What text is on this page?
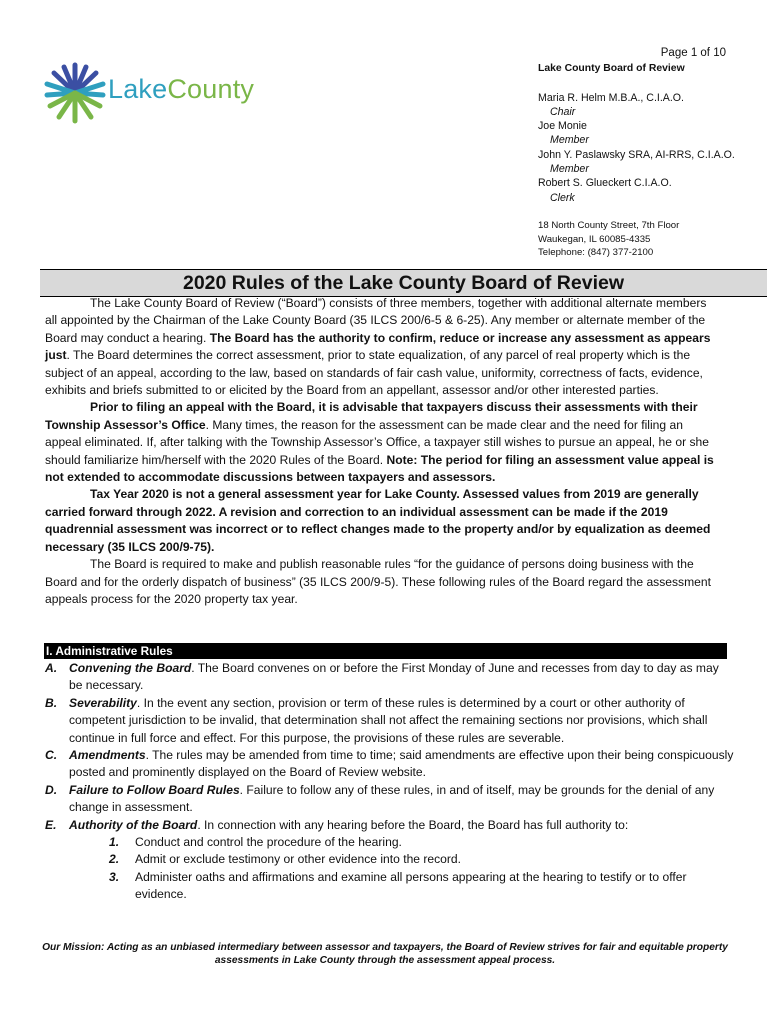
LakeCounty
Page 1 of 10
Lake County Board of Review
Maria R. Helm M.B.A., C.I.A.O.
Chair
Joe Monie
Member
John Y. Paslawsky SRA, AI-RRS, C.I.A.O.
Member
Robert S. Glueckert C.I.A.O.
Clerk
18 North County Street, 7th Floor
Waukegan, IL 60085-4335
Telephone: (847) 377-2100
2020 Rules of the Lake County Board of Review

The Lake County Board of Review (“Board”) consists of three members, together with additional alternate members all appointed by the Chairman of the Lake County Board (35 ILCS 200/6-5 & 6-25). Any member or alternate member of the Board may conduct a hearing. The Board has the authority to confirm, reduce or increase any assessment as appears just. The Board determines the correct assessment, prior to state equalization, of any parcel of real property which is the subject of an appeal, according to the law, based on standards of fair cash value, uniformity, correctness of facts, evidence, exhibits and briefs submitted to or elicited by the Board from an appellant, assessor and/or other interested parties.

Prior to filing an appeal with the Board, it is advisable that taxpayers discuss their assessments with their Township Assessor’s Office. Many times, the reason for the assessment can be made clear and the need for filing an appeal eliminated. If, after talking with the Township Assessor’s Office, a taxpayer still wishes to pursue an appeal, he or she should familiarize him/herself with the 2020 Rules of the Board. Note: The period for filing an assessment value appeal is not extended to accommodate discussions between taxpayers and assessors.

Tax Year 2020 is not a general assessment year for Lake County. Assessed values from 2019 are generally carried forward through 2022. A revision and correction to an individual assessment can be made if the 2019 quadrennial assessment was incorrect or to reflect changes made to the property and/or by equalization as deemed necessary (35 ILCS 200/9-75).

The Board is required to make and publish reasonable rules “for the guidance of persons doing business with the Board and for the orderly dispatch of business” (35 ILCS 200/9-5). These following rules of the Board regard the assessment appeals process for the 2020 property tax year.

I. Administrative Rules
A. Convening the Board. The Board convenes on or before the First Monday of June and recesses from day to day as may be necessary.
B. Severability. In the event any section, provision or term of these rules is determined by a court or other authority of competent jurisdiction to be invalid, that determination shall not affect the remaining sections nor provisions, which shall continue in full force and effect. For this purpose, the provisions of these rules are severable.
C. Amendments. The rules may be amended from time to time; said amendments are effective upon their being conspicuously posted and prominently displayed on the Board of Review website.
D. Failure to Follow Board Rules. Failure to follow any of these rules, in and of itself, may be grounds for the denial of any change in assessment.
E.	Authority of the Board. In connection with any hearing before the Board, the Board has full authority to:
1.	Conduct and control the procedure of the hearing.
2.	Admit or exclude testimony or other evidence into the record.
3.	Administer oaths and affirmations and examine all persons appearing at the hearing to testify or to offer evidence.
Our Mission: Acting as an unbiased intermediary between assessor and taxpayers, the Board of Review strives for fair and equitable property assessments in Lake County through the assessment appeal process.
